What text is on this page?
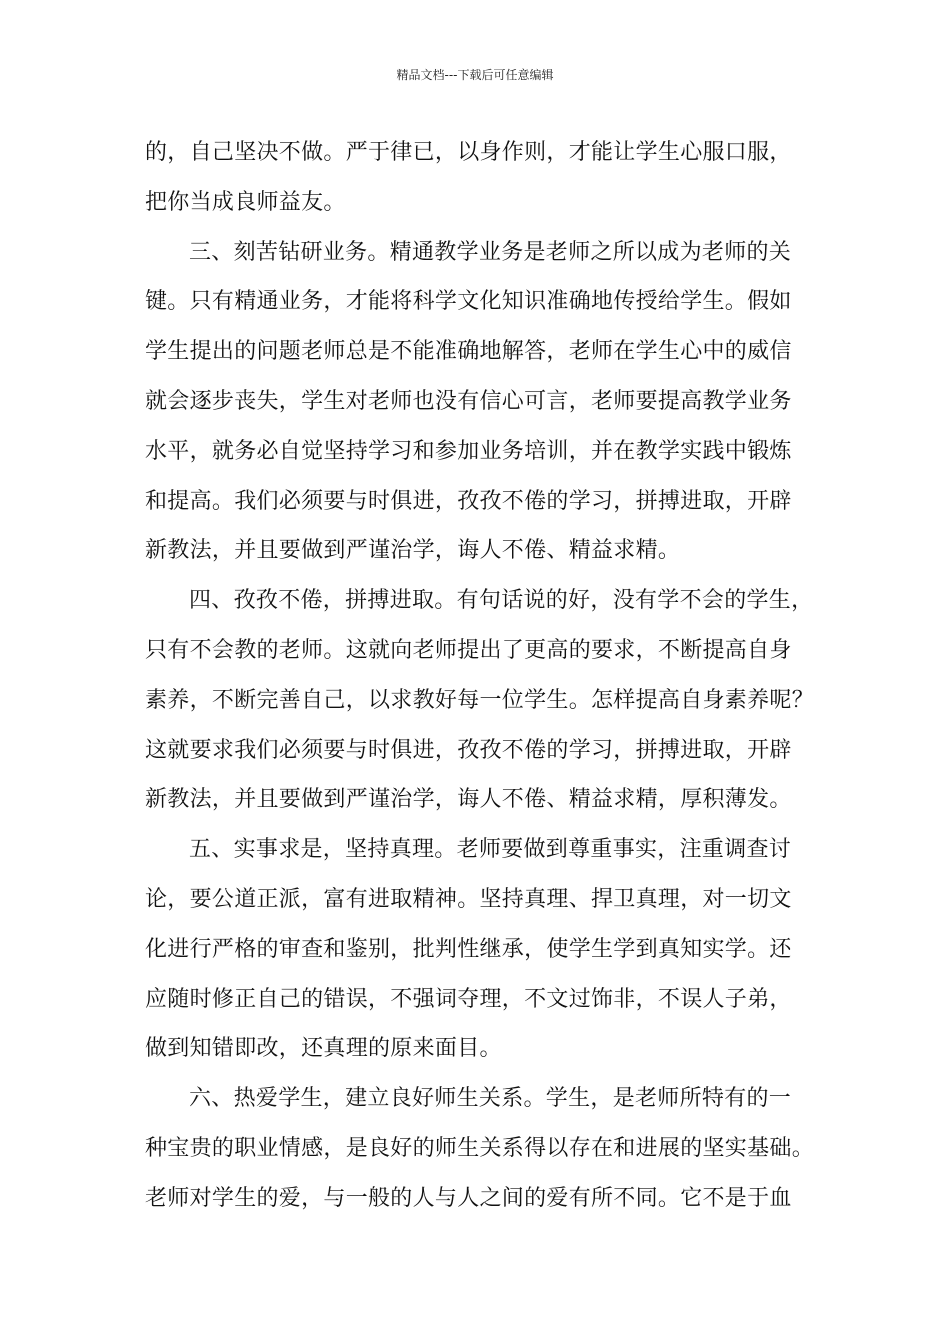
精品文档---下载后可任意编辑
的，自己坚决不做。严于律已，以身作则，才能让学生心服口服，
把你当成良师益友。
三、刻苦钻研业务。精通教学业务是老师之所以成为老师的关
键。只有精通业务，才能将科学文化知识准确地传授给学生。假如
学生提出的问题老师总是不能准确地解答，老师在学生心中的威信
就会逐步丧失，学生对老师也没有信心可言，老师要提高教学业务
水平，就务必自觉坚持学习和参加业务培训，并在教学实践中锻炼
和提高。我们必须要与时俱进，孜孜不倦的学习，拼搏进取，开辟
新教法，并且要做到严谨治学，诲人不倦、精益求精。
四、孜孜不倦，拼搏进取。有句话说的好，没有学不会的学生，
只有不会教的老师。这就向老师提出了更高的要求，不断提高自身
素养，不断完善自己，以求教好每一位学生。怎样提高自身素养呢？
这就要求我们必须要与时俱进，孜孜不倦的学习，拼搏进取，开辟
新教法，并且要做到严谨治学，诲人不倦、精益求精，厚积薄发。
五、实事求是，坚持真理。老师要做到尊重事实，注重调查讨
论，要公道正派，富有进取精神。坚持真理、捍卫真理，对一切文
化进行严格的审查和鉴别，批判性继承，使学生学到真知实学。还
应随时修正自己的错误，不强词夺理，不文过饰非，不误人子弟，
做到知错即改，还真理的原来面目。
六、热爱学生，建立良好师生关系。学生，是老师所特有的一
种宝贵的职业情感，是良好的师生关系得以存在和进展的坚实基础。
老师对学生的爱，与一般的人与人之间的爱有所不同。它不是于血
